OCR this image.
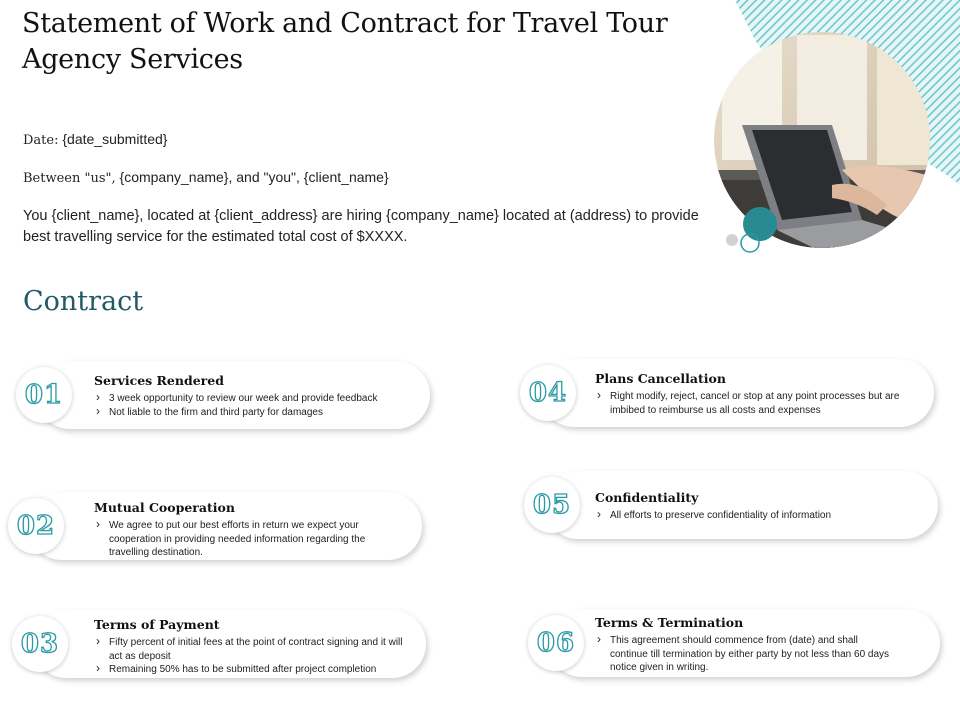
Statement of Work and Contract for Travel Tour
Agency Services
Date: {date_submitted}
Between "us", {company_name}, and "you", {client_name}

You {client_name}, located at {client_address} are hiring {company_name} located at (address) to provide best travelling service for the estimated total cost of $XXXX.

Contract
01	Services Rendered

› 3 week opportunity to review our week and provide feedback
› Not liable to the firm and third party for damages
02

Mutual Cooperation

› We agree to put our best efforts in return we expect your cooperation in providing needed information regarding the travelling destination.
03

Terms of Payment

› Fifty percent of initial fees at the point of contract signing and it will act as deposit
› Remaining 50% has to be submitted after project completion
04	Plans Cancellation

› Right modify, reject, cancel or stop at any point processes but are imbibed to reimburse us all costs and expenses
05	Confidentiality

› All efforts to preserve confidentiality of information
06

Terms & Termination

› This agreement should commence from (date) and shall continue till termination by either party by not less than 60 days notice given in writing.
